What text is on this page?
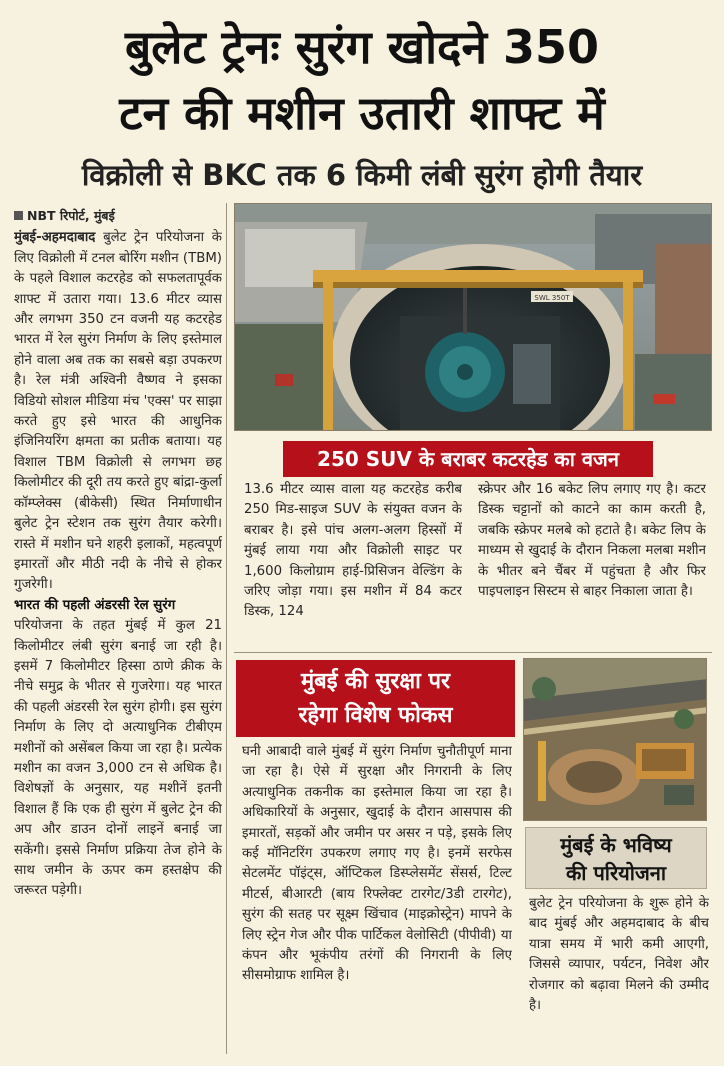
बुलेट ट्रेनः सुरंग खोदने 350
टन की मशीन उतारी शाफ्ट में
विक्रोली से BKC तक 6 किमी लंबी सुरंग होगी तैयार
NBT रिपोर्ट, मुंबई

मुंबई-अहमदाबाद बुलेट ट्रेन परियोजना के लिए विक्रोली में टनल बोरिंग मशीन (TBM) के पहले विशाल कटरहेड को सफलतापूर्वक शाफ्ट में उतारा गया। 13.6 मीटर व्यास और लगभग 350 टन वजनी यह कटरहेड भारत में रेल सुरंग निर्माण के लिए इस्तेमाल होने वाला अब तक का सबसे बड़ा उपकरण है। रेल मंत्री अश्विनी वैष्णव ने इसका विडियो सोशल मीडिया मंच 'एक्स' पर साझा करते हुए इसे भारत की आधुनिक इंजिनियरिंग क्षमता का प्रतीक बताया। यह विशाल TBM विक्रोली से लगभग छह किलोमीटर की दूरी तय करते हुए बांद्रा-कुर्ला कॉम्प्लेक्स (बीकेसी) स्थित निर्माणाधीन बुलेट ट्रेन स्टेशन तक सुरंग तैयार करेगी। रास्ते में मशीन घने शहरी इलाकों, महत्वपूर्ण इमारतों और मीठी नदी के नीचे से होकर गुजरेगी।

भारत की पहली अंडरसी रेल सुरंग

परियोजना के तहत मुंबई में कुल 21 किलोमीटर लंबी सुरंग बनाई जा रही है। इसमें 7 किलोमीटर हिस्सा ठाणे क्रीक के नीचे समुद्र के भीतर से गुजरेगा। यह भारत की पहली अंडरसी रेल सुरंग होगी। इस सुरंग निर्माण के लिए दो अत्याधुनिक टीबीएम मशीनों को असेंबल किया जा रहा है। प्रत्येक मशीन का वजन 3,000 टन से अधिक है। विशेषज्ञों के अनुसार, यह मशीनें इतनी विशाल हैं कि एक ही सुरंग में बुलेट ट्रेन की अप और डाउन दोनों लाइनें बनाई जा सकेंगी। इससे निर्माण प्रक्रिया तेज होने के साथ जमीन के ऊपर कम हस्तक्षेप की जरूरत पड़ेगी।

SWL 350T
250 SUV के बराबर कटरहेड का वजन
13.6 मीटर व्यास वाला यह कटरहेड करीब 250 मिड-साइज SUV के संयुक्त वजन के बराबर है। इसे पांच अलग-अलग हिस्सों में मुंबई लाया गया और विक्रोली साइट पर 1,600 किलोग्राम हाई-प्रिसिजन वेल्डिंग के जरिए जोड़ा गया। इस मशीन में 84 कटर डिस्क, 124
स्क्रेपर और 16 बकेट लिप लगाए गए है। कटर डिस्क चट्टानों को काटने का काम करती है, जबकि स्क्रेपर मलबे को हटाते है। बकेट लिप के माध्यम से खुदाई के दौरान निकला मलबा मशीन के भीतर बने चैंबर में पहुंचता है और फिर पाइपलाइन सिस्टम से बाहर निकाला जाता है।
मुंबई की सुरक्षा पर
रहेगा विशेष फोकस
घनी आबादी वाले मुंबई में सुरंग निर्माण चुनौतीपूर्ण माना जा रहा है। ऐसे में सुरक्षा और निगरानी के लिए अत्याधुनिक तकनीक का इस्तेमाल किया जा रहा है। अधिकारियों के अनुसार, खुदाई के दौरान आसपास की इमारतों, सड़कों और जमीन पर असर न पड़े, इसके लिए कई मॉनिटरिंग उपकरण लगाए गए है। इनमें सरफेस सेटलमेंट पॉइंट्स, ऑप्टिकल डिस्प्लेसमेंट सेंसर्स, टिल्ट मीटर्स, बीआरटी (बाय रिफ्लेक्ट टारगेट/3डी टारगेट), सुरंग की सतह पर सूक्ष्म खिंचाव (माइक्रोस्ट्रेन) मापने के लिए स्ट्रेन गेज और पीक पार्टिकल वेलोसिटी (पीपीवी) या कंपन और भूकंपीय तरंगों की निगरानी के लिए सीसमोग्राफ शामिल है।
मुंबई के भविष्य
की परियोजना
बुलेट ट्रेन परियोजना के शुरू होने के बाद मुंबई और अहमदाबाद के बीच यात्रा समय में भारी कमी आएगी, जिससे व्यापार, पर्यटन, निवेश और रोजगार को बढ़ावा मिलने की उम्मीद है।
